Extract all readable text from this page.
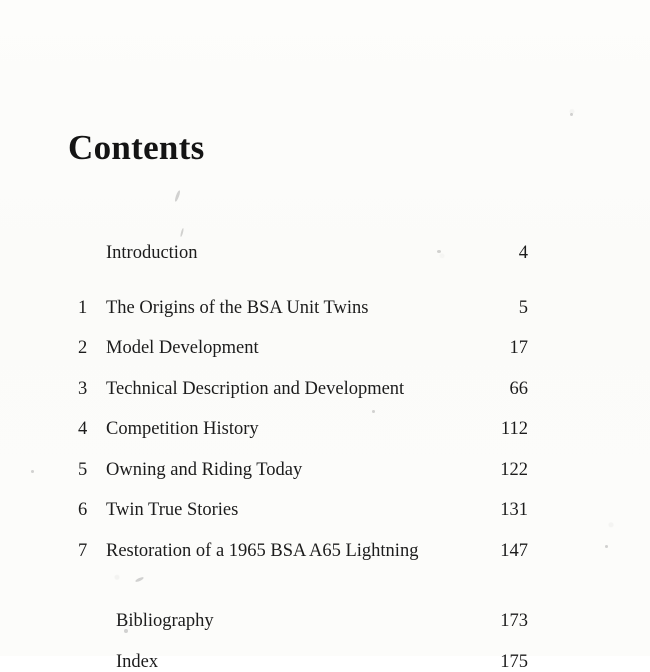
Contents
Introduction	4
1	The Origins of the BSA Unit Twins	5
2	Model Development	17
3	Technical Description and Development	66
4	Competition History	112
5	Owning and Riding Today	122
6	Twin True Stories	131
7	Restoration of a 1965 BSA A65 Lightning	147
Bibliography	173
Index	175
